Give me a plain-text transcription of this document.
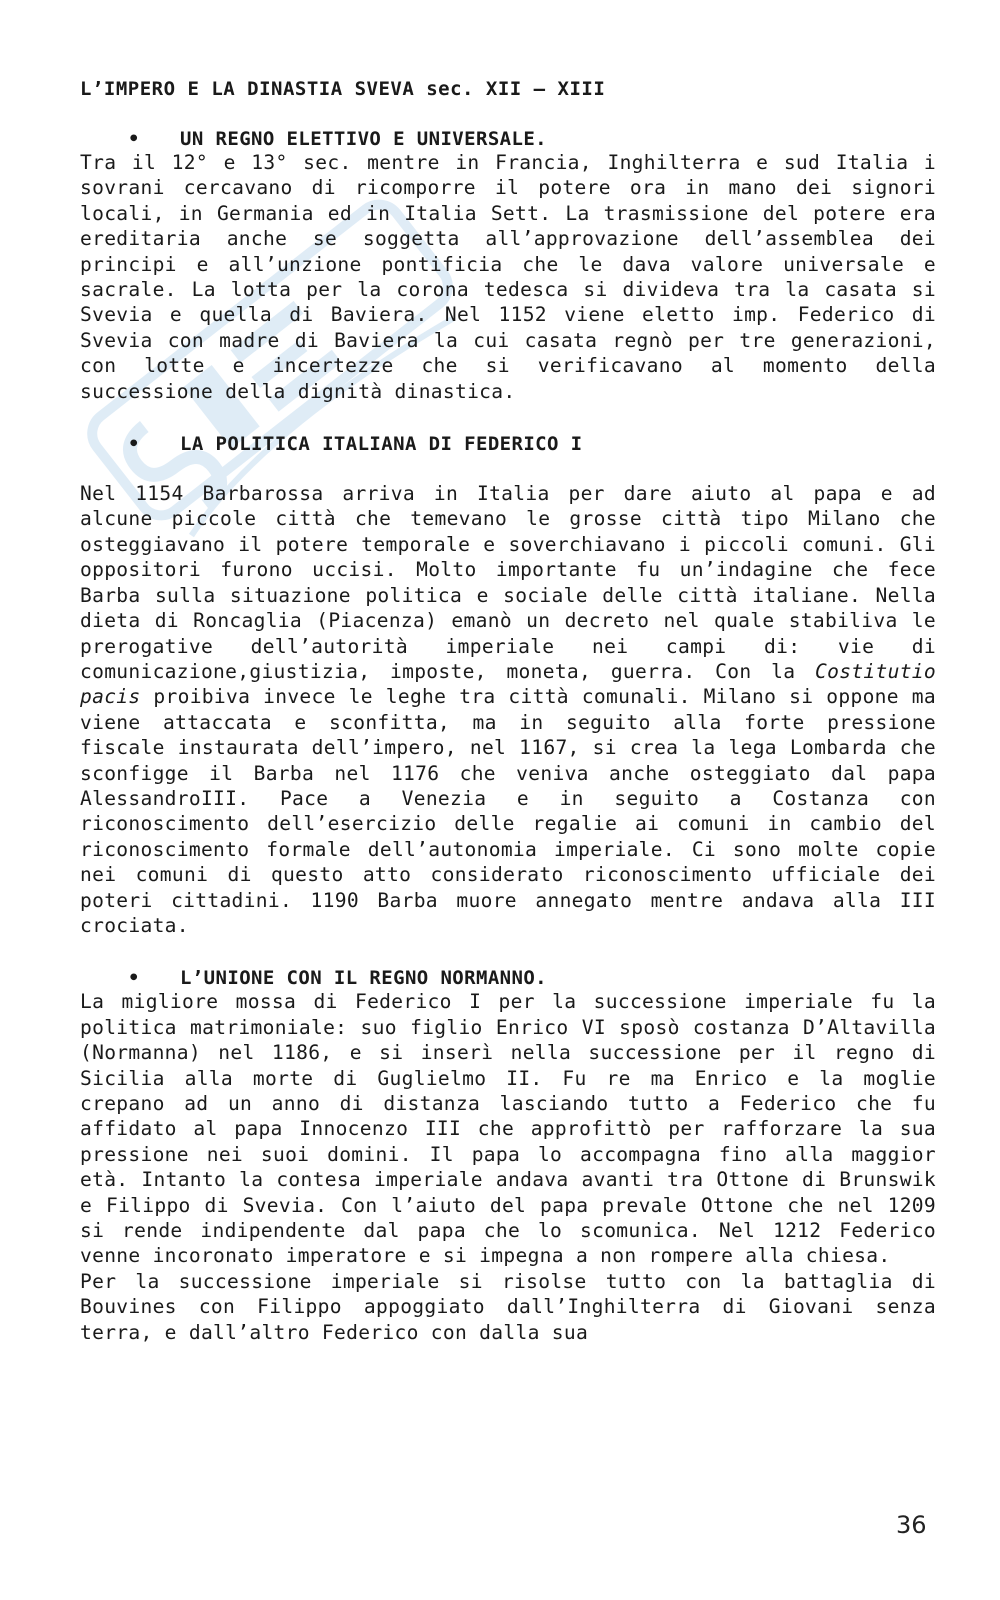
L’IMPERO E LA DINASTIA SVEVA sec. XII – XIII
• UN REGNO ELETTIVO E UNIVERSALE.

Tra il 12° e 13° sec. mentre in Francia, Inghilterra e sud Italia i sovrani cercavano di ricomporre il potere ora in mano dei signori locali, in Germania ed in Italia Sett. La trasmissione del potere era ereditaria anche se soggetta all’approvazione dell’assemblea dei principi e all’unzione pontificia che le dava valore universale e sacrale. La lotta per la corona tedesca si divideva tra la casata si Svevia e quella di Baviera. Nel 1152 viene eletto imp. Federico di Svevia con madre di Baviera la cui casata regnò per tre generazioni, con lotte e incertezze che si verificavano al momento della successione della dignità dinastica.

• LA POLITICA ITALIANA DI FEDERICO I

Nel 1154 Barbarossa arriva in Italia per dare aiuto al papa e ad alcune piccole città che temevano le grosse città tipo Milano che osteggiavano il potere temporale e soverchiavano i piccoli comuni. Gli oppositori furono uccisi. Molto importante fu un’indagine che fece Barba sulla situazione politica e sociale delle città italiane. Nella dieta di Roncaglia (Piacenza) emanò un decreto nel quale stabiliva le prerogative dell’autorità imperiale nei campi di: vie di comunicazione,giustizia, imposte, moneta, guerra. Con la Costitutio pacis proibiva invece le leghe tra città comunali. Milano si oppone ma viene attaccata e sconfitta, ma in seguito alla forte pressione fiscale instaurata dell’impero, nel 1167, si crea la lega Lombarda che sconfigge il Barba nel 1176 che veniva anche osteggiato dal papa AlessandroIII. Pace a Venezia e in seguito a Costanza con riconoscimento dell’esercizio delle regalie ai comuni in cambio del riconoscimento formale dell’autonomia imperiale. Ci sono molte copie nei comuni di questo atto considerato riconoscimento ufficiale dei poteri cittadini. 1190 Barba muore annegato mentre andava alla III crociata.

• L’UNIONE CON IL REGNO NORMANNO.

La migliore mossa di Federico I per la successione imperiale fu la politica matrimoniale: suo figlio Enrico VI sposò costanza D’Altavilla (Normanna) nel 1186, e si inserì nella successione per il regno di Sicilia alla morte di Guglielmo II. Fu re ma Enrico e la moglie crepano ad un anno di distanza lasciando tutto a Federico che fu affidato al papa Innocenzo III che approfittò per rafforzare la sua pressione nei suoi domini. Il papa lo accompagna fino alla maggior età. Intanto la contesa imperiale andava avanti tra Ottone di Brunswik e Filippo di Svevia. Con l’aiuto del papa prevale Ottone che nel 1209 si rende indipendente dal papa che lo scomunica. Nel 1212 Federico venne incoronato imperatore e si impegna a non rompere alla chiesa.

Per la successione imperiale si risolse tutto con la battaglia di Bouvines con Filippo appoggiato dall’Inghilterra di Giovani senza terra, e dall’altro Federico con dalla sua

36
